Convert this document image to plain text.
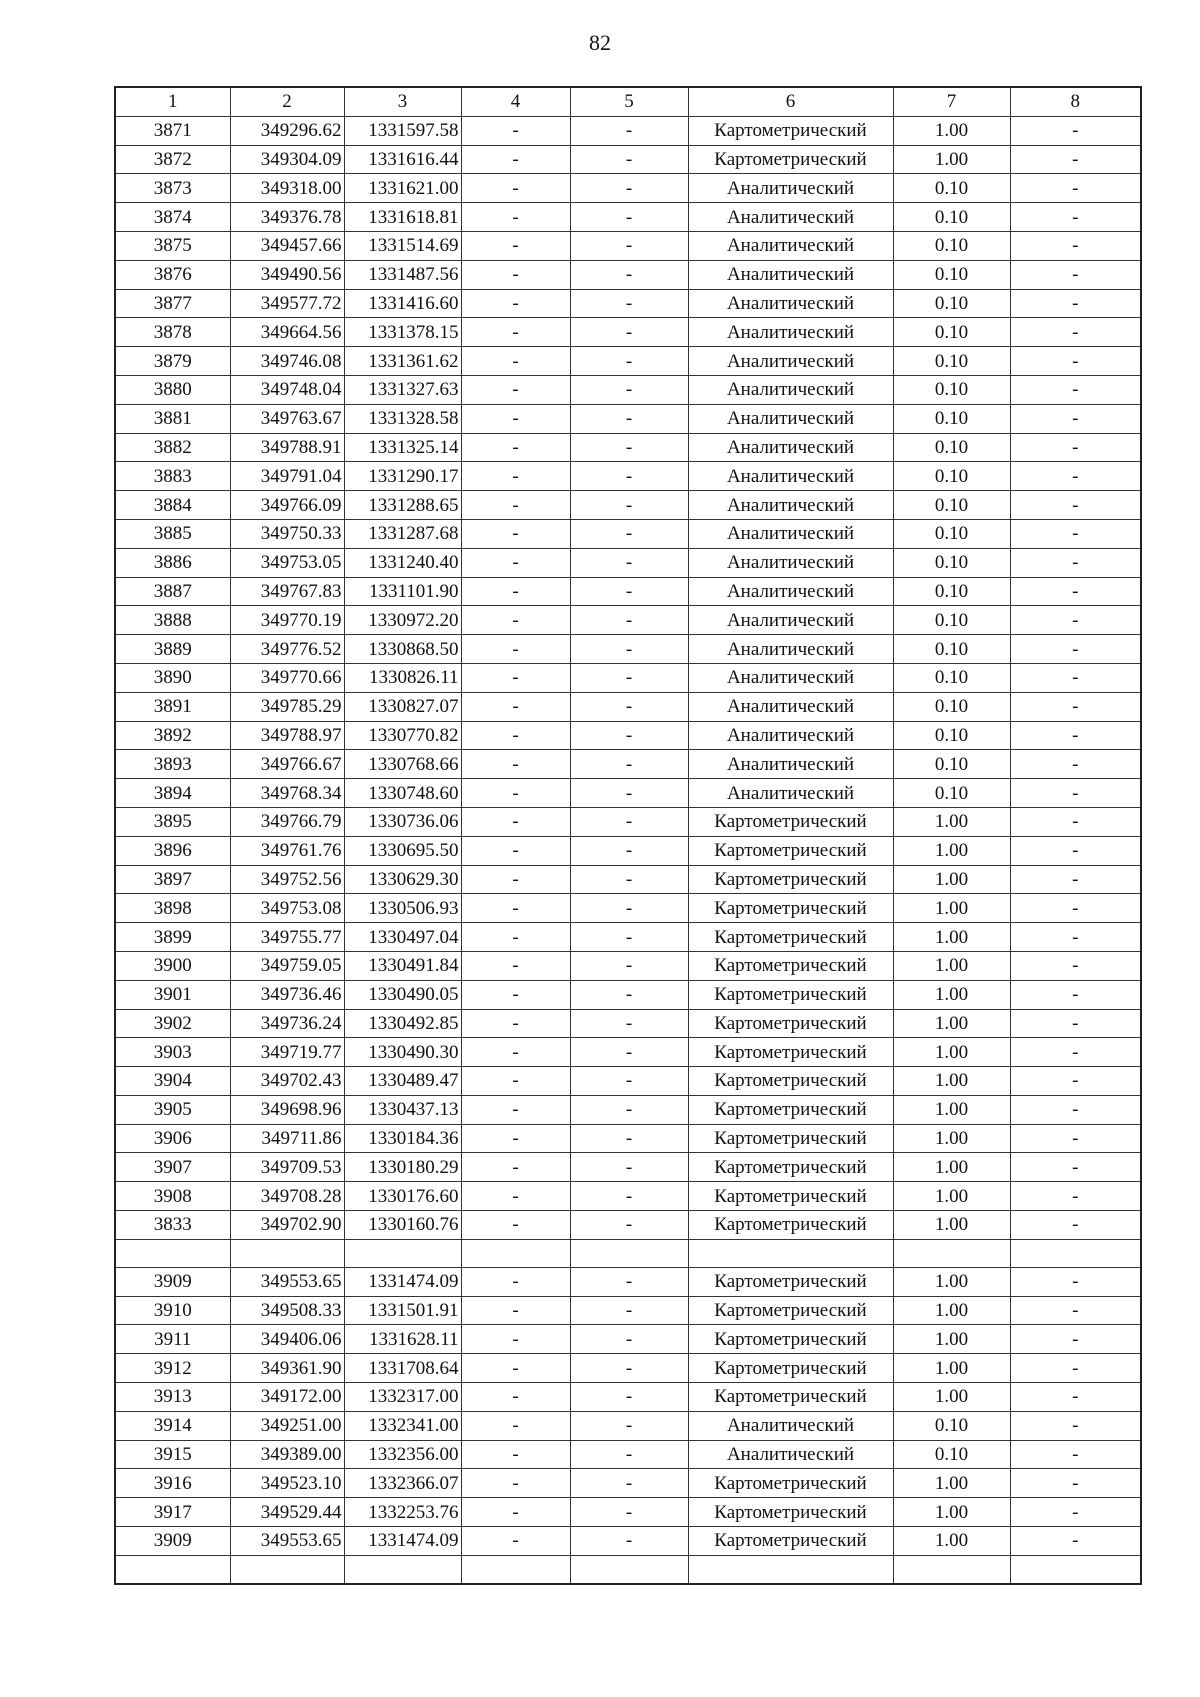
82
1	2	3	4	5	6	7	8
3871	349296.62	1331597.58	-	-	Картометрический	1.00	-
3872	349304.09	1331616.44	-	-	Картометрический	1.00	-
3873	349318.00	1331621.00	-	-	Аналитический	0.10	-
3874	349376.78	1331618.81	-	-	Аналитический	0.10	-
3875	349457.66	1331514.69	-	-	Аналитический	0.10	-
3876	349490.56	1331487.56	-	-	Аналитический	0.10	-
3877	349577.72	1331416.60	-	-	Аналитический	0.10	-
3878	349664.56	1331378.15	-	-	Аналитический	0.10	-
3879	349746.08	1331361.62	-	-	Аналитический	0.10	-
3880	349748.04	1331327.63	-	-	Аналитический	0.10	-
3881	349763.67	1331328.58	-	-	Аналитический	0.10	-
3882	349788.91	1331325.14	-	-	Аналитический	0.10	-
3883	349791.04	1331290.17	-	-	Аналитический	0.10	-
3884	349766.09	1331288.65	-	-	Аналитический	0.10	-
3885	349750.33	1331287.68	-	-	Аналитический	0.10	-
3886	349753.05	1331240.40	-	-	Аналитический	0.10	-
3887	349767.83	1331101.90	-	-	Аналитический	0.10	-
3888	349770.19	1330972.20	-	-	Аналитический	0.10	-
3889	349776.52	1330868.50	-	-	Аналитический	0.10	-
3890	349770.66	1330826.11	-	-	Аналитический	0.10	-
3891	349785.29	1330827.07	-	-	Аналитический	0.10	-
3892	349788.97	1330770.82	-	-	Аналитический	0.10	-
3893	349766.67	1330768.66	-	-	Аналитический	0.10	-
3894	349768.34	1330748.60	-	-	Аналитический	0.10	-
3895	349766.79	1330736.06	-	-	Картометрический	1.00	-
3896	349761.76	1330695.50	-	-	Картометрический	1.00	-
3897	349752.56	1330629.30	-	-	Картометрический	1.00	-
3898	349753.08	1330506.93	-	-	Картометрический	1.00	-
3899	349755.77	1330497.04	-	-	Картометрический	1.00	-
3900	349759.05	1330491.84	-	-	Картометрический	1.00	-
3901	349736.46	1330490.05	-	-	Картометрический	1.00	-
3902	349736.24	1330492.85	-	-	Картометрический	1.00	-
3903	349719.77	1330490.30	-	-	Картометрический	1.00	-
3904	349702.43	1330489.47	-	-	Картометрический	1.00	-
3905	349698.96	1330437.13	-	-	Картометрический	1.00	-
3906	349711.86	1330184.36	-	-	Картометрический	1.00	-
3907	349709.53	1330180.29	-	-	Картометрический	1.00	-
3908	349708.28	1330176.60	-	-	Картометрический	1.00	-
3833	349702.90	1330160.76	-	-	Картометрический	1.00	-

3909	349553.65	1331474.09	-	-	Картометрический	1.00	-
3910	349508.33	1331501.91	-	-	Картометрический	1.00	-
3911	349406.06	1331628.11	-	-	Картометрический	1.00	-
3912	349361.90	1331708.64	-	-	Картометрический	1.00	-
3913	349172.00	1332317.00	-	-	Картометрический	1.00	-
3914	349251.00	1332341.00	-	-	Аналитический	0.10	-
3915	349389.00	1332356.00	-	-	Аналитический	0.10	-
3916	349523.10	1332366.07	-	-	Картометрический	1.00	-
3917	349529.44	1332253.76	-	-	Картометрический	1.00	-
3909	349553.65	1331474.09	-	-	Картометрический	1.00	-
